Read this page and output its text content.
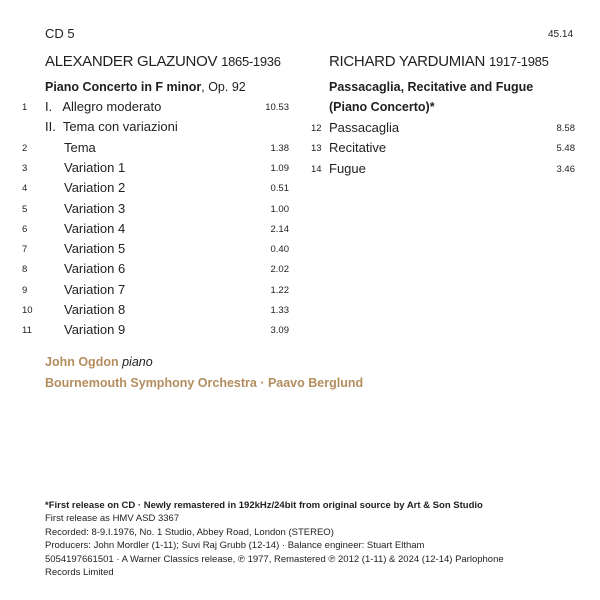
CD 5	45.14
ALEXANDER GLAZUNOV 1865-1936
Piano Concerto in F minor, Op. 92
1 I.   Allegro moderato	10.53
II.  Tema con variazioni
2	Tema	1.38
3	Variation 1	1.09
4	Variation 2	0.51
5	Variation 3	1.00
6	Variation 4	2.14
7	Variation 5	0.40
8	Variation 6	2.02
9	Variation 7	1.22
10 Variation 8	1.33
11 Variation 9	3.09
John Ogdon piano
Bournemouth Symphony Orchestra · Paavo Berglund
RICHARD YARDUMIAN 1917-1985
Passacaglia, Recitative and Fugue
(Piano Concerto)*
12 Passacaglia	8.58
13 Recitative	5.48
14 Fugue	3.46
*First release on CD · Newly remastered in 192kHz/24bit from original source by Art & Son Studio
First release as HMV ASD 3367
Recorded: 8-9.I.1976, No. 1 Studio, Abbey Road, London (STEREO)
Producers: John Mordler (1-11); Suvi Raj Grubb (12-14) · Balance engineer: Stuart Eltham
5054197661501 · A Warner Classics release, ℗ 1977, Remastered ℗ 2012 (1-11) & 2024 (12-14) Parlophone
Records Limited
